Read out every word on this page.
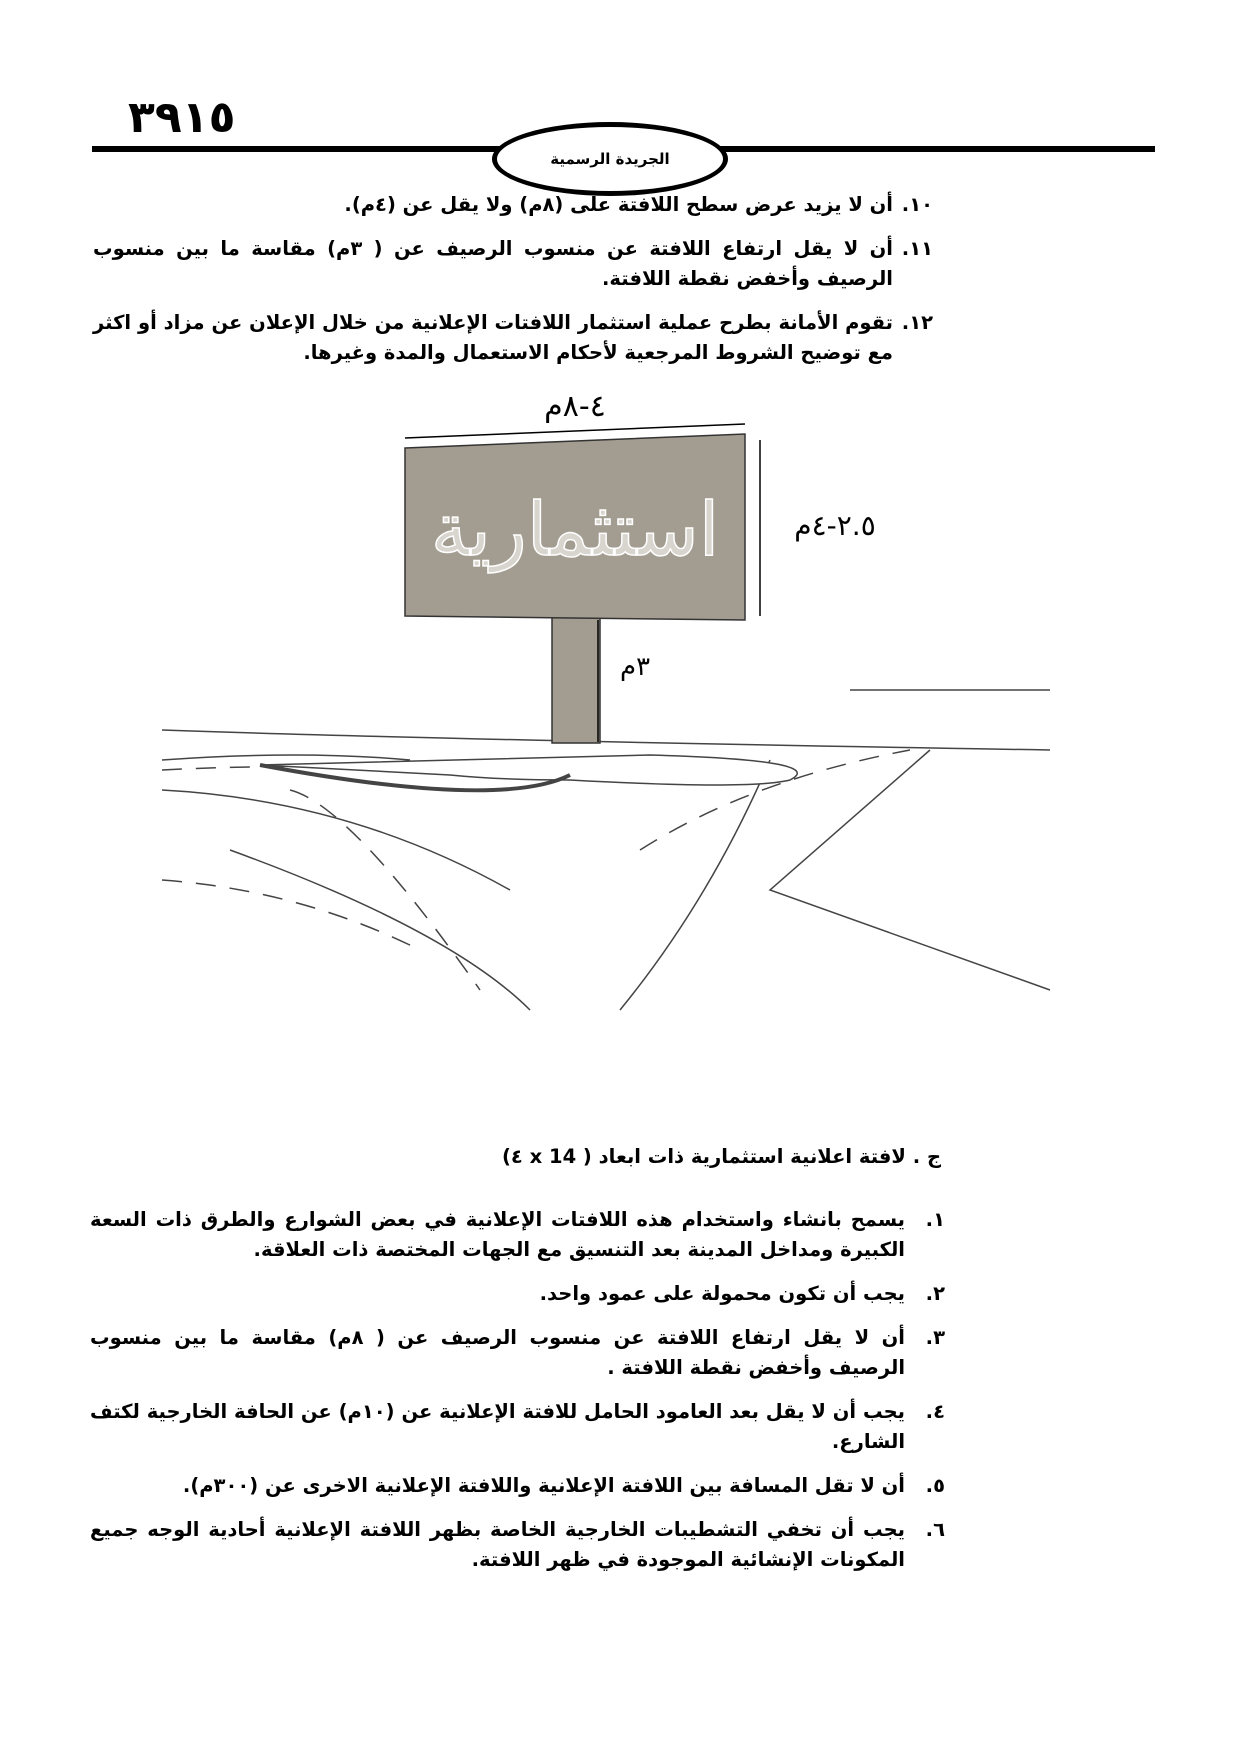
٣٩١٥
الجريدة الرسمية
١٠.
أن لا يزيد عرض سطح اللافتة على (٨م) ولا يقل عن (٤م).
١١.
أن لا يقل ارتفاع اللافتة عن منسوب الرصيف عن ( ٣م) مقاسة ما بين منسوب الرصيف وأخفض نقطة اللافتة.
١٢.
تقوم الأمانة بطرح عملية استثمار اللافتات الإعلانية من خلال الإعلان عن مزاد أو اكثر مع توضيح الشروط المرجعية لأحكام الاستعمال والمدة وغيرها.
استثمارية
٤-٨م
٢.٥-٤م
٣م
ج . لافتة اعلانية استثمارية ذات ابعاد ( 14 x ٤)
١.
يسمح بانشاء واستخدام هذه اللافتات الإعلانية في بعض الشوارع والطرق ذات السعة الكبيرة ومداخل المدينة بعد التنسيق مع الجهات المختصة ذات العلاقة.
٢.
يجب أن تكون محمولة على عمود واحد.
٣.
أن لا يقل ارتفاع اللافتة عن منسوب الرصيف عن ( ٨م) مقاسة ما بين منسوب الرصيف وأخفض نقطة اللافتة .
٤.
يجب أن لا يقل بعد العامود الحامل للافتة الإعلانية عن (١٠م) عن الحافة الخارجية لكتف الشارع.
٥.
أن لا تقل المسافة بين اللافتة الإعلانية واللافتة الإعلانية الاخرى عن (٣٠٠م).
٦.
يجب أن تخفي التشطيبات الخارجية الخاصة بظهر اللافتة الإعلانية أحادية الوجه جميع المكونات الإنشائية الموجودة في ظهر اللافتة.
